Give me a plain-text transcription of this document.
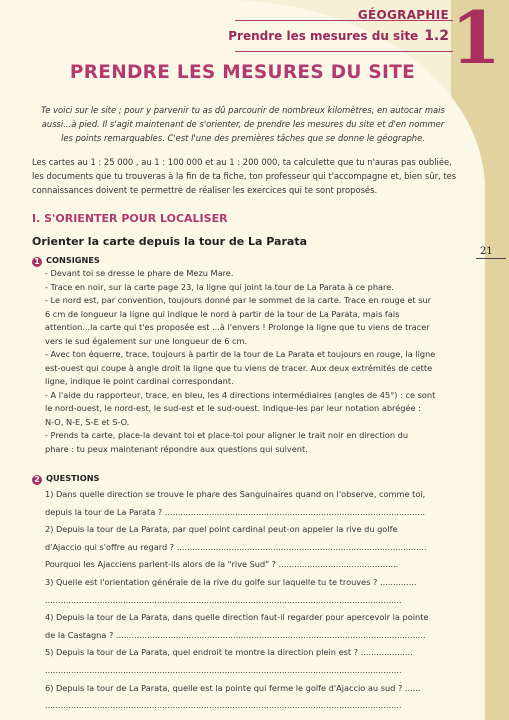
GÉOGRAPHIE
Prendre les mesures du site 1.2 1
21
PRENDRE LES MESURES DU SITE
Te voici sur le site ; pour y parvenir tu as dû parcourir de nombreux kilomètres, en autocar mais aussi...à pied. Il s'agit maintenant de s'orienter, de prendre les mesures du site et d'en nommer les points remarquables. C'est l'une des premières tâches que se donne le géographe.
Les cartes au 1 : 25 000 , au 1 : 100 000 et au 1 : 200 000, ta calculette que tu n'auras pas oubliée, les documents que tu trouveras à la fin de ta fiche, ton professeur qui t'accompagne et, bien sûr, tes connaissances doivent te permettre de réaliser les exercices qui te sont proposés.
I. S'ORIENTER POUR LOCALISER
Orienter la carte depuis la tour de La Parata
1 CONSIGNES
- Devant toi se dresse le phare de Mezu Mare.
- Trace en noir, sur la carte page 23, la ligne qui joint la tour de La Parata à ce phare.
- Le nord est, par convention, toujours donné par le sommet de la carte. Trace en rouge et sur
6 cm de longueur la ligne qui indique le nord à partir de la tour de La Parata, mais fais
attention...la carte qui t'es proposée est ...à l'envers ! Prolonge la ligne que tu viens de tracer
vers le sud également sur une longueur de 6 cm.
- Avec ton équerre, trace, toujours à partir de la tour de La Parata et toujours en rouge, la ligne
est-ouest qui coupe à angle droit la ligne que tu viens de tracer. Aux deux extrémités de cette
ligne, indique le point cardinal correspondant.
- A l'aide du rapporteur, trace, en bleu, les 4 directions intermédiaires (angles de 45°) : ce sont
le nord-ouest, le nord-est, le sud-est et le sud-ouest. Indique-les par leur notation abrégée :
N-O, N-E, S-E et S-O.
- Prends ta carte, place-la devant toi et place-toi pour aligner le trait noir en direction du
phare : tu peux maintenant répondre aux questions qui suivent.
2 QUESTIONS
1) Dans quelle direction se trouve le phare des Sanguinaires quand on l'observe, comme toi,
depuis la tour de La Parata ? ....................................................................................................
2) Depuis la tour de La Parata, par quel point cardinal peut-on appeler la rive du golfe
d'Ajaccio qui s'offre au regard ? ................................................................................................
Pourquoi les Ajacciens parlent-ils alors de la "rive Sud" ? ..............................................
3) Quelle est l'orientation générale de la rive du golfe sur laquelle tu te trouves ? ..............
.........................................................................................................................................
4) Depuis la tour de La Parata, dans quelle direction faut-il regarder pour apercevoir la pointe
de la Castagna ? .......................................................................................................................
5) Depuis la tour de La Parata, quel endroit te montre la direction plein est ? ....................
.........................................................................................................................................
6) Depuis la tour de La Parata, quelle est la pointe qui ferme le golfe d'Ajaccio au sud ? ......
.........................................................................................................................................
